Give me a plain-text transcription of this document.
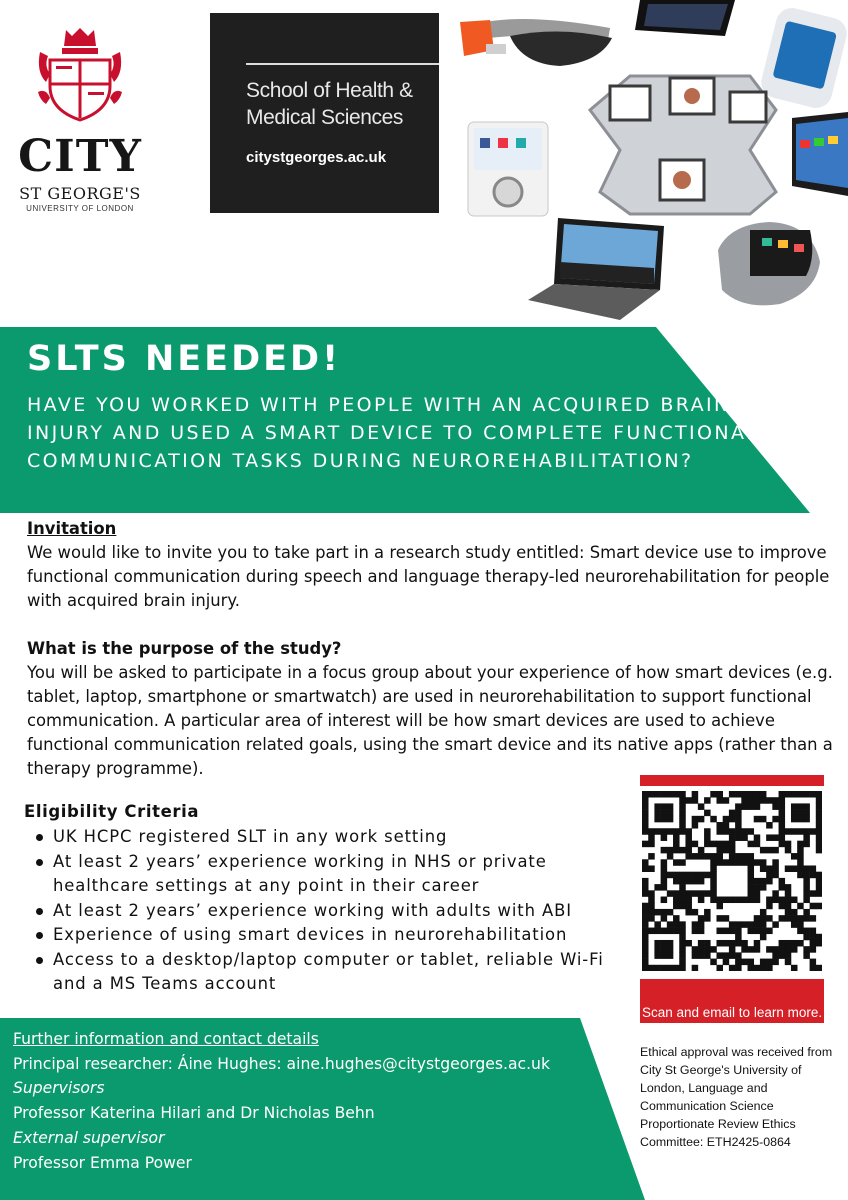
CITY
ST GEORGE'S
UNIVERSITY OF LONDON
School of Health & Medical Sciences
citystgeorges.ac.uk
SLTS NEEDED!
HAVE YOU WORKED WITH PEOPLE WITH AN ACQUIRED BRAIN INJURY AND USED A SMART DEVICE TO COMPLETE FUNCTIONAL COMMUNICATION TASKS DURING NEUROREHABILITATION?
Invitation
We would like to invite you to take part in a research study entitled: Smart device use to improve functional communication during speech and language therapy-led neurorehabilitation for people with acquired brain injury.
What is the purpose of the study?
You will be asked to participate in a focus group about your experience of how smart devices (e.g. tablet, laptop, smartphone or smartwatch) are used in neurorehabilitation to support functional communication. A particular area of interest will be how smart devices are used to achieve functional communication related goals, using the smart device and its native apps (rather than a therapy programme).
Eligibility Criteria
UK HCPC registered SLT in any work setting
At least 2 years’ experience working in NHS or private healthcare settings at any point in their career
At least 2 years’ experience working with adults with ABI
Experience of using smart devices in neurorehabilitation
Access to a desktop/laptop computer or tablet, reliable Wi-Fi and a MS Teams account
Scan and email to learn more.
Further information and contact details
Principal researcher: Áine Hughes: aine.hughes@citystgeorges.ac.uk
Supervisors
Professor Katerina Hilari and Dr Nicholas Behn
External supervisor
Professor Emma Power
Ethical approval was received from City St George's University of London, Language and Communication Science Proportionate Review Ethics Committee: ETH2425-0864
